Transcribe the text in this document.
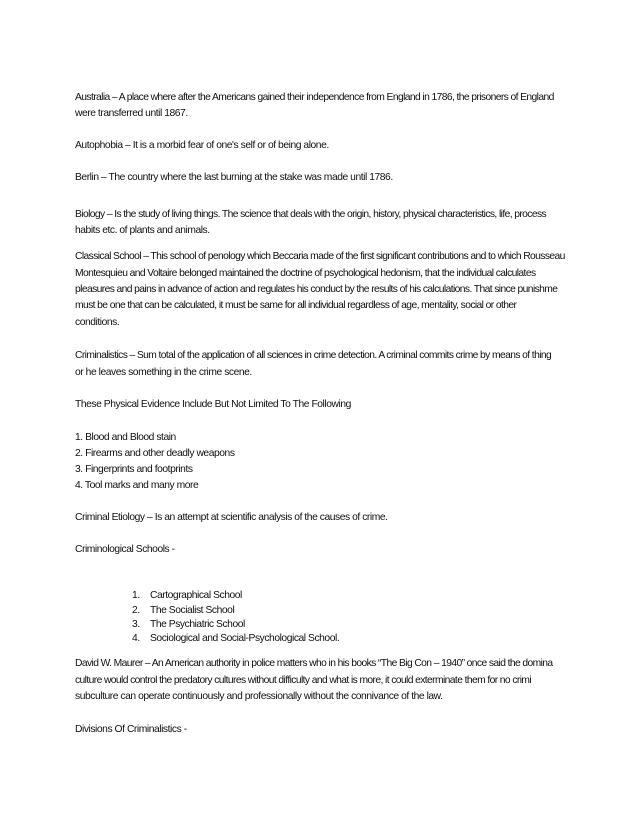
Australia – A place where after the Americans gained their independence from England in 1786, the prisoners of England
were transferred until 1867.
Autophobia – It is a morbid fear of one's self or of being alone.
Berlin – The country where the last burning at the stake was made until 1786.
Biology – Is the study of living things. The science that deals with the origin, history, physical characteristics, life, process
habits etc. of plants and animals.
Classical School – This school of penology which Beccaria made of the first significant contributions and to which Rousseau
Montesquieu and Voltaire belonged maintained the doctrine of psychological hedonism, that the individual calculates
pleasures and pains in advance of action and regulates his conduct by the results of his calculations. That since punishme
must be one that can be calculated, it must be same for all individual regardless of age, mentality, social or other
conditions.
Criminalistics – Sum total of the application of all sciences in crime detection. A criminal commits crime by means of thing
or he leaves something in the crime scene.
These Physical Evidence Include But Not Limited To The Following
1. Blood and Blood stain
2. Firearms and other deadly weapons
3. Fingerprints and footprints
4. Tool marks and many more
Criminal Etiology – Is an attempt at scientific analysis of the causes of crime.
Criminological Schools -
1. Cartographical School
2. The Socialist School
3. The Psychiatric School
4. Sociological and Social-Psychological School.
David W. Maurer – An American authority in police matters who in his books “The Big Con – 1940” once said the domina
culture would control the predatory cultures without difficulty and what is more, it could exterminate them for no crimi
subculture can operate continuously and professionally without the connivance of the law.
Divisions Of Criminalistics -
